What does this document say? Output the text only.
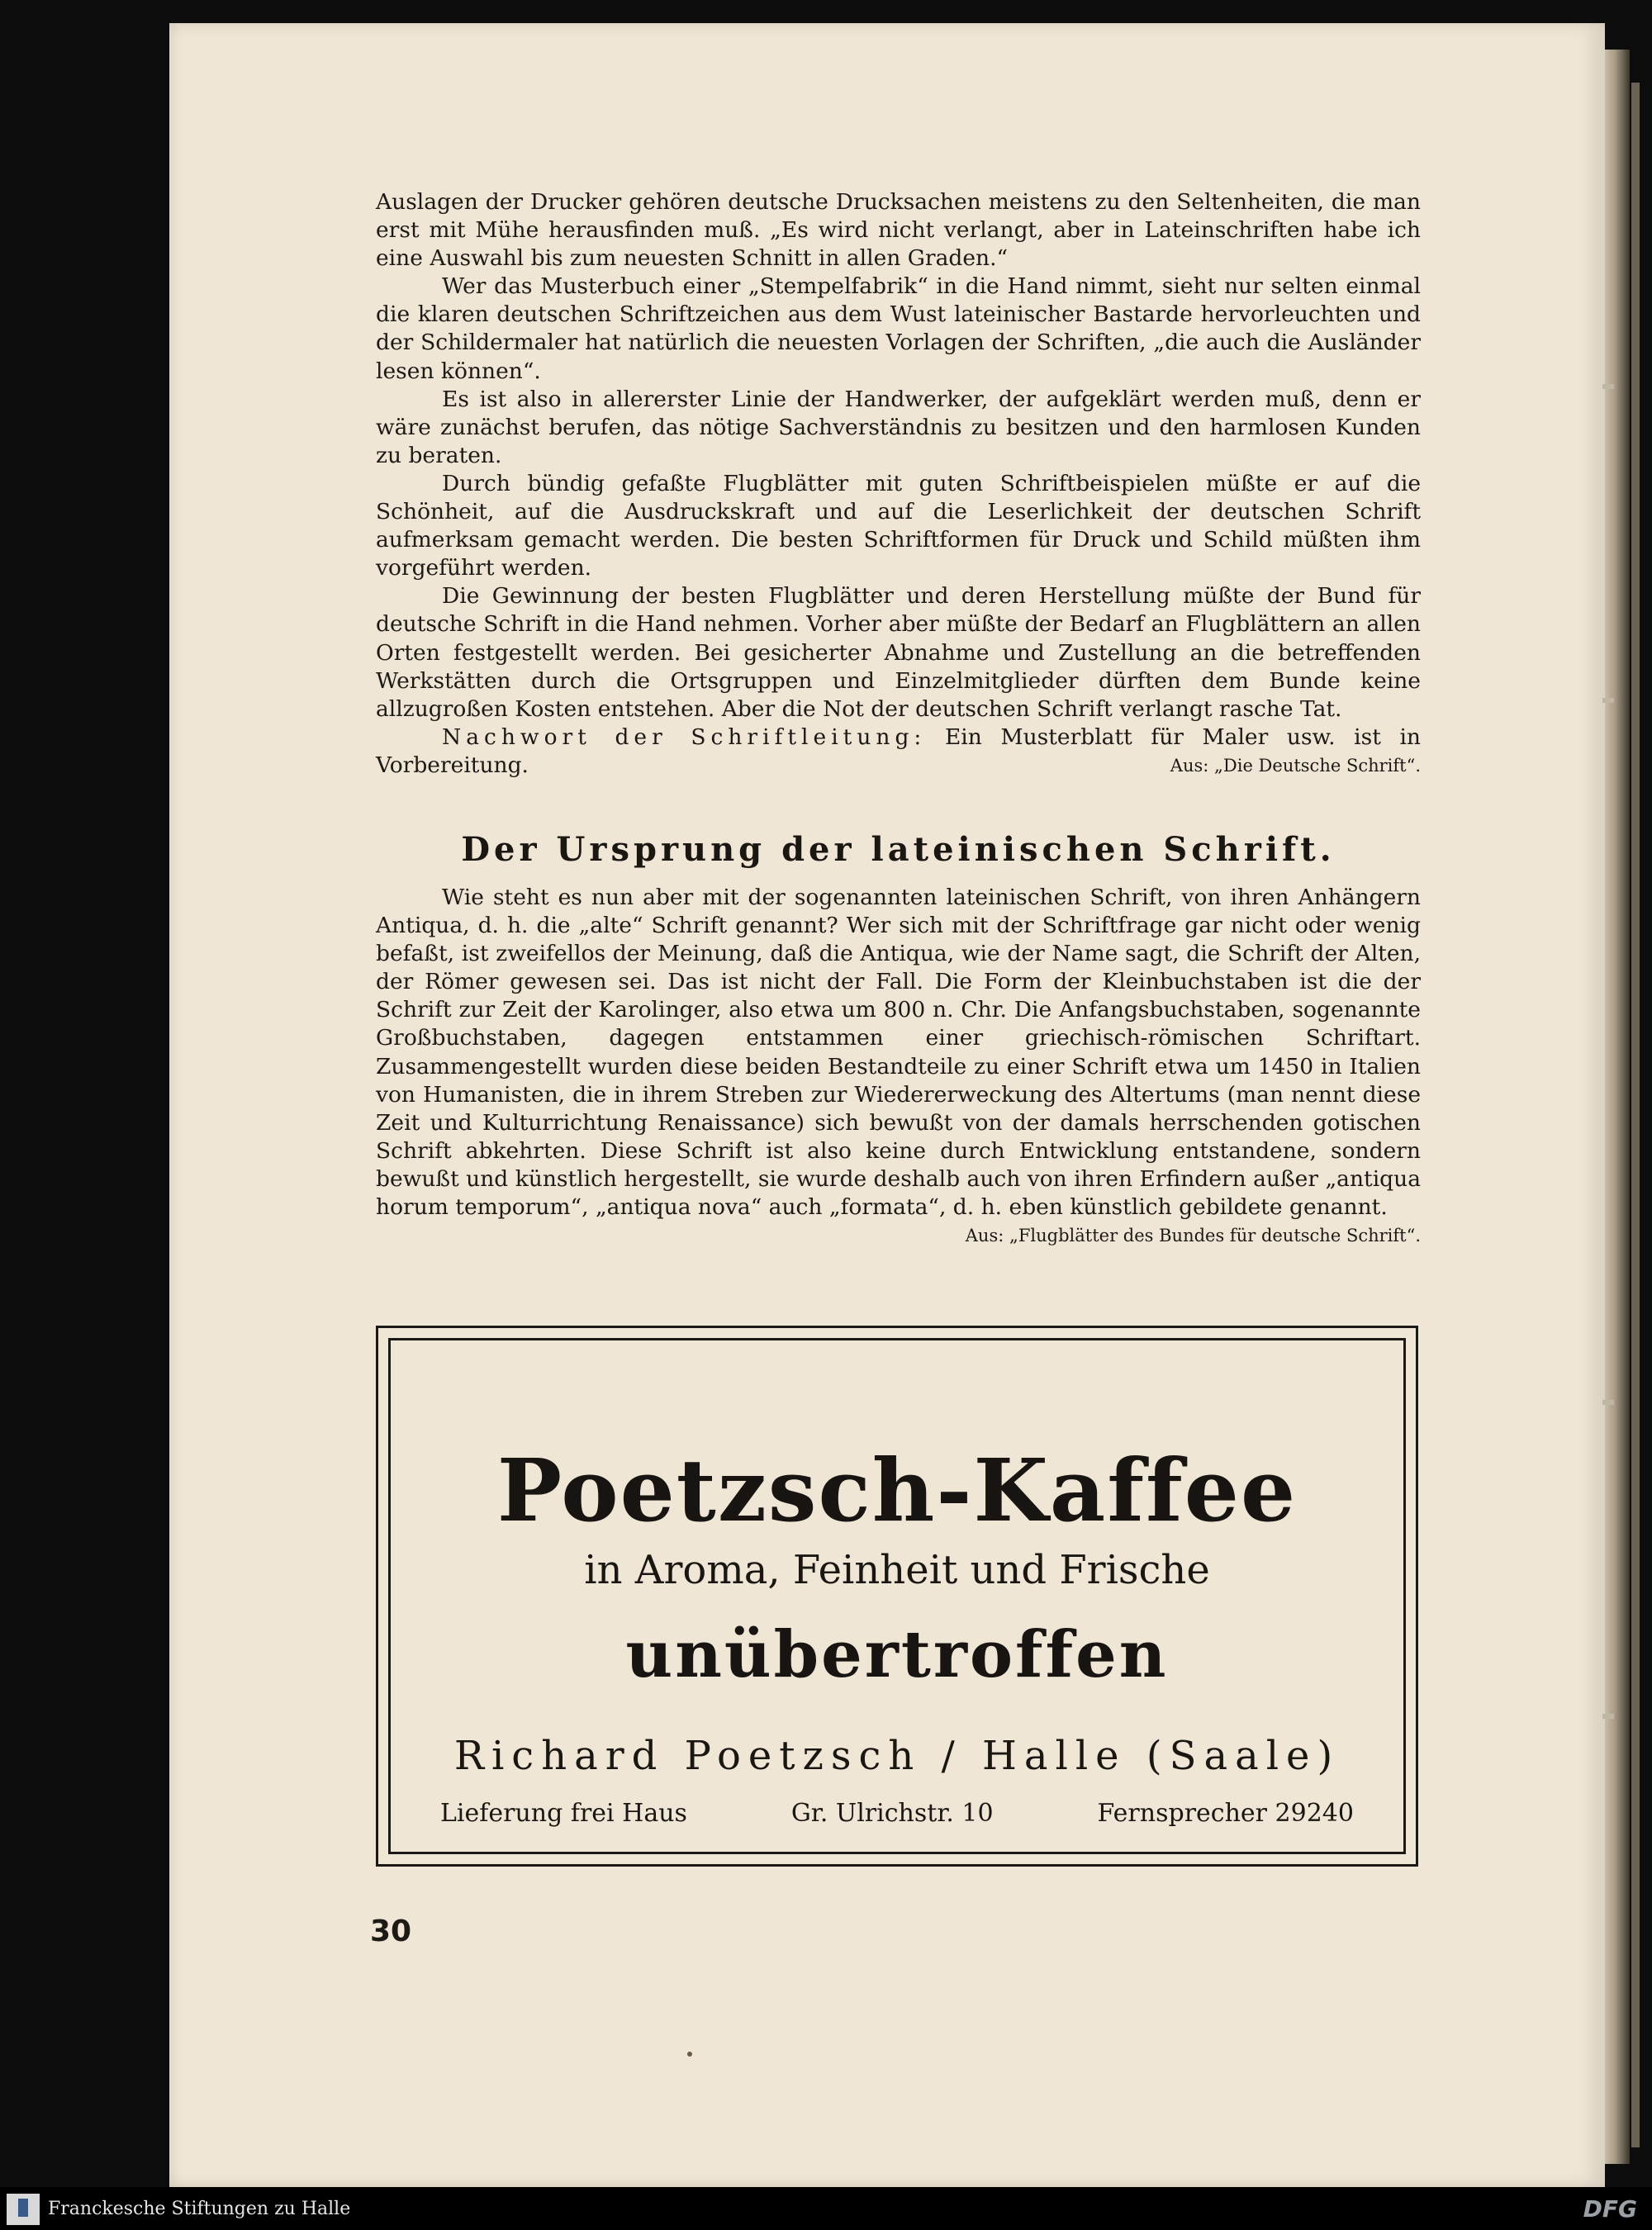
Auslagen der Drucker gehören deutsche Drucksachen meistens zu den Seltenheiten, die man erst mit Mühe herausfinden muß. „Es wird nicht verlangt, aber in Lateinschriften habe ich eine Auswahl bis zum neuesten Schnitt in allen Graden.“

Wer das Musterbuch einer „Stempelfabrik“ in die Hand nimmt, sieht nur selten einmal die klaren deutschen Schriftzeichen aus dem Wust lateinischer Bastarde hervorleuchten und der Schildermaler hat natürlich die neuesten Vorlagen der Schriften, „die auch die Ausländer lesen können“.

Es ist also in allererster Linie der Handwerker, der aufgeklärt werden muß, denn er wäre zunächst berufen, das nötige Sachverständnis zu besitzen und den harmlosen Kunden zu beraten.

Durch bündig gefaßte Flugblätter mit guten Schriftbeispielen müßte er auf die Schönheit, auf die Ausdruckskraft und auf die Leserlichkeit der deutschen Schrift aufmerksam gemacht werden. Die besten Schriftformen für Druck und Schild müßten ihm vorgeführt werden.

Die Gewinnung der besten Flugblätter und deren Herstellung müßte der Bund für deutsche Schrift in die Hand nehmen. Vorher aber müßte der Bedarf an Flugblättern an allen Orten festgestellt werden. Bei gesicherter Abnahme und Zustellung an die betreffenden Werkstätten durch die Ortsgruppen und Einzelmitglieder dürften dem Bunde keine allzugroßen Kosten entstehen. Aber die Not der deutschen Schrift verlangt rasche Tat.

Nachwort der Schriftleitung: Ein Musterblatt für Maler usw. ist in Vorbereitung.	Aus: „Die Deutsche Schrift“.

Der Ursprung der lateinischen Schrift.

Wie steht es nun aber mit der sogenannten lateinischen Schrift, von ihren Anhängern Antiqua, d. h. die „alte“ Schrift genannt? Wer sich mit der Schriftfrage gar nicht oder wenig befaßt, ist zweifellos der Meinung, daß die Antiqua, wie der Name sagt, die Schrift der Alten, der Römer gewesen sei. Das ist nicht der Fall. Die Form der Kleinbuchstaben ist die der Schrift zur Zeit der Karolinger, also etwa um 800 n. Chr. Die Anfangsbuchstaben, sogenannte Großbuchstaben, dagegen entstammen einer griechisch-römischen Schriftart. Zusammengestellt wurden diese beiden Bestandteile zu einer Schrift etwa um 1450 in Italien von Humanisten, die in ihrem Streben zur Wiedererweckung des Altertums (man nennt diese Zeit und Kulturrichtung Renaissance) sich bewußt von der damals herrschenden gotischen Schrift abkehrten. Diese Schrift ist also keine durch Entwicklung entstandene, sondern bewußt und künstlich hergestellt, sie wurde deshalb auch von ihren Erfindern außer „antiqua horum temporum“, „antiqua nova“ auch „formata“, d. h. eben künstlich gebildete genannt.

Aus: „Flugblätter des Bundes für deutsche Schrift“.
Poetzsch-Kaffee
in Aroma, Feinheit und Frische
unübertroffen
Richard Poetzsch / Halle (Saale)
Lieferung frei Haus	Gr. Ulrichstr. 10	Fernsprecher 29240
30
Franckesche Stiftungen zu Halle	DFG
